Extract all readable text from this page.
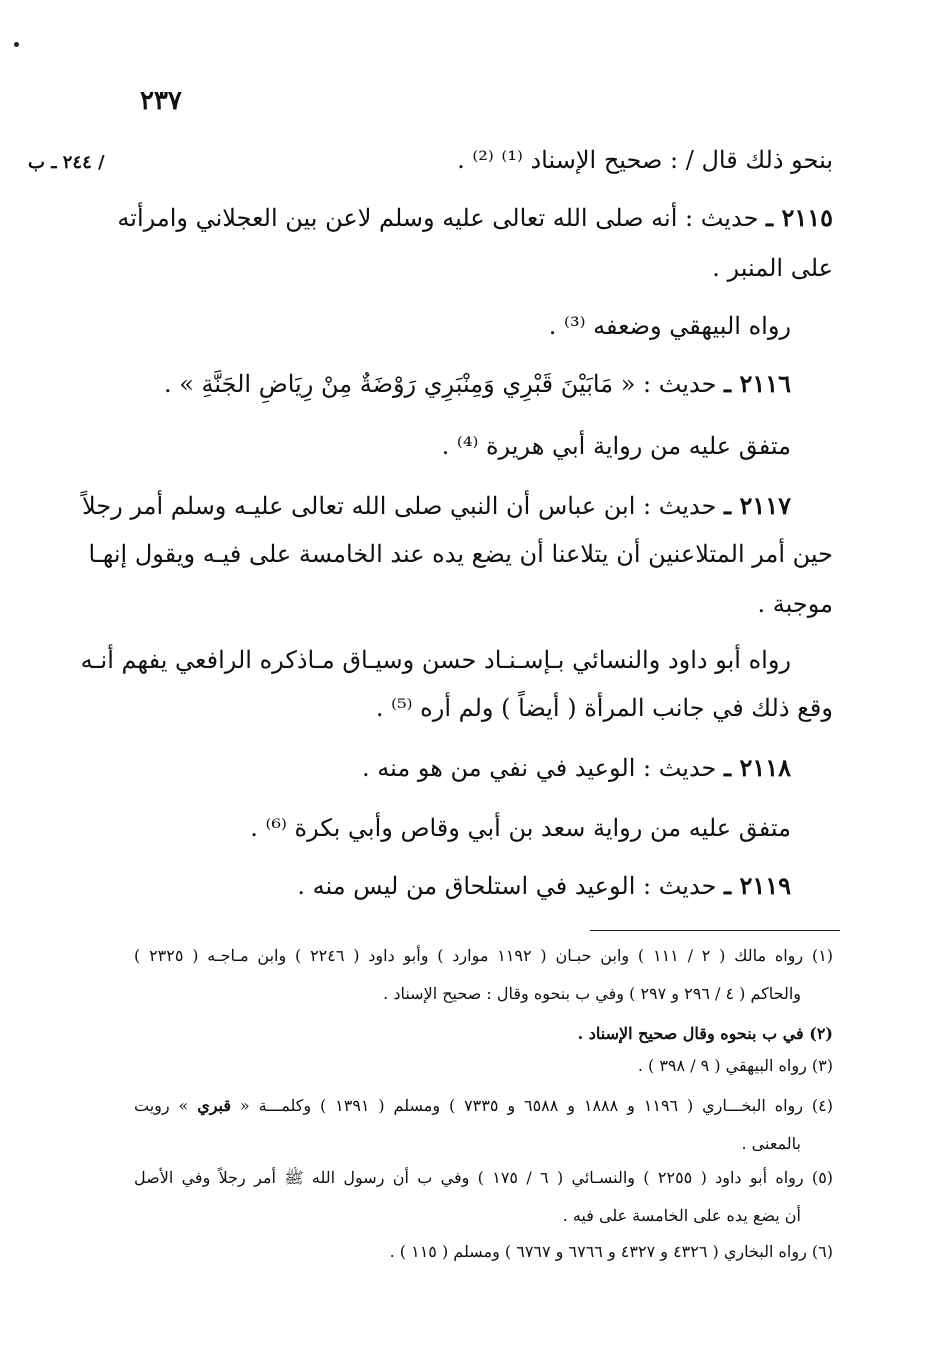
٢٣٧
/ ٢٤٤ ـ ب	بنحو ذلك قال / : صحيح الإسناد ⁽¹⁾ ⁽²⁾ .
٢١١٥ ـ حديث : أنه صلى الله تعالى عليه وسلم لاعن بين العجلاني وامرأته
على المنبر .
رواه البيهقي وضعفه ⁽³⁾ .
٢١١٦ ـ حديث : « مَابَيْنَ قَبْرِي وَمِنْبَرِي رَوْضَةٌ مِنْ رِيَاضِ الجَنَّةِ » .
متفق عليه من رواية أبي هريرة ⁽⁴⁾ .
٢١١٧ ـ حديث : ابن عباس أن النبي صلى الله تعالى عليـه وسلم أمر رجلاً
حين أمر المتلاعنين أن يتلاعنا أن يضع يده عند الخامسة على فيـه ويقول إنهـا
موجبة .
رواه أبو داود والنسائي بـإسـنـاد حسن وسيـاق مـاذكره الرافعي يفهم أنـه
وقع ذلك في جانب المرأة ( أيضاً ) ولم أره ⁽⁵⁾ .
٢١١٨ ـ حديث : الوعيد في نفي من هو منه .
متفق عليه من رواية سعد بن أبي وقاص وأبي بكرة ⁽⁶⁾ .
٢١١٩ ـ حديث : الوعيد في استلحاق من ليس منه .
(١) رواه مالك ( ٢ / ١١١ ) وابن حبـان ( ١١٩٢ موارد ) وأبو داود ( ٢٢٤٦ ) وابن مـاجـه ( ٢٣٢٥ )
والحاكم ( ٤ / ٢٩٦ و ٢٩٧ ) وفي ب بنحوه وقال : صحيح الإسناد .
(٢) في ب بنحوه وقال صحيح الإسناد .
(٣) رواه البيهقي ( ٩ / ٣٩٨ ) .
(٤) رواه البخـــاري ( ١١٩٦ و ١٨٨٨ و ٦٥٨٨ و ٧٣٣٥ ) ومسلم ( ١٣٩١ ) وكلمـــة « قبري » رويت
بالمعنى .
(٥) رواه أبو داود ( ٢٢٥٥ ) والنسـائي ( ٦ / ١٧٥ ) وفي ب أن رسول الله ﷺ أمر رجلاً وفي الأصل
أن يضع يده على الخامسة على فيه .
(٦) رواه البخاري ( ٤٣٢٦ و ٤٣٢٧ و ٦٧٦٦ و ٦٧٦٧ ) ومسلم ( ١١٥ ) .
